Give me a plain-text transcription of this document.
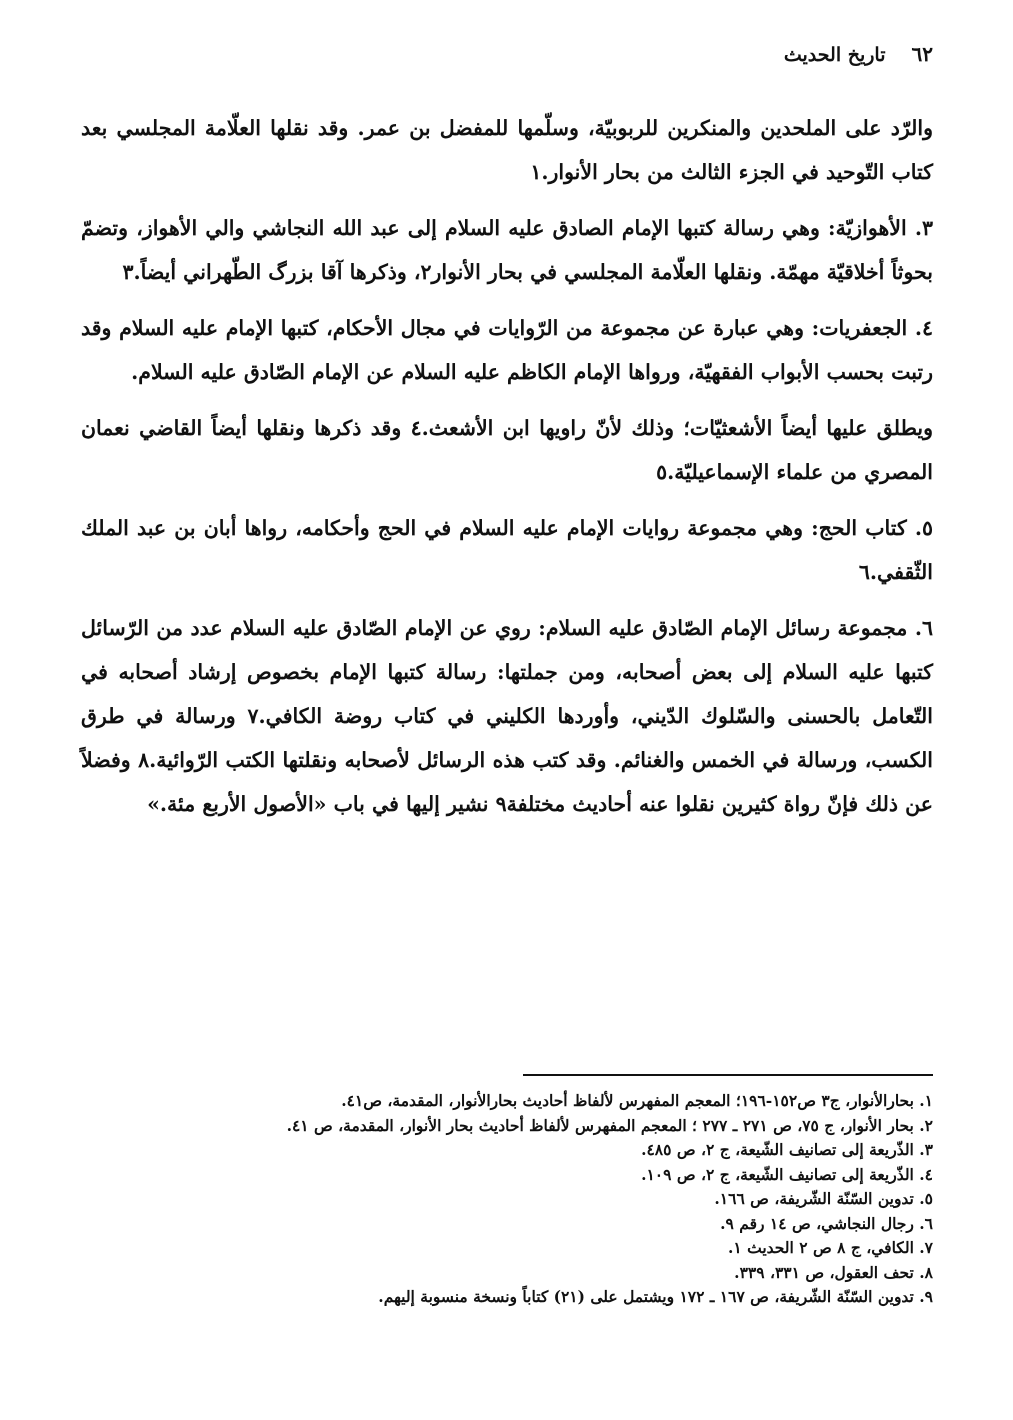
٦٢
تاريخ الحديث

والرّد على الملحدين والمنكرين للربوبيّة، وسلّمها للمفضل بن عمر. وقد نقلها العلّامة المجلسي بعد كتاب التّوحيد في الجزء الثالث من بحار الأنوار.١

٣. الأهوازيّة: وهي رسالة كتبها الإمام الصادق عليه السلام إلى عبد الله النجاشي والي الأهواز، وتضمّ بحوثاً أخلاقيّة مهمّة. ونقلها العلّامة المجلسي في بحار الأنوار٢، وذكرها آقا بزرگ الطّهراني أيضاً.٣

٤. الجعفريات: وهي عبارة عن مجموعة من الرّوايات في مجال الأحكام، كتبها الإمام عليه السلام وقد رتبت بحسب الأبواب الفقهيّة، ورواها الإمام الكاظم عليه السلام عن الإمام الصّادق عليه السلام.

ويطلق عليها أيضاً الأشعثيّات؛ وذلك لأنّ راويها ابن الأشعث.٤ وقد ذكرها ونقلها أيضاً القاضي نعمان المصري من علماء الإسماعيليّة.٥

٥. كتاب الحج: وهي مجموعة روايات الإمام عليه السلام في الحج وأحكامه، رواها أبان بن عبد الملك الثّقفي.٦

٦. مجموعة رسائل الإمام الصّادق عليه السلام: روي عن الإمام الصّادق عليه السلام عدد من الرّسائل كتبها عليه السلام إلى بعض أصحابه، ومن جملتها: رسالة كتبها الإمام بخصوص إرشاد أصحابه في التّعامل بالحسنى والسّلوك الدّيني، وأوردها الكليني في كتاب روضة الكافي.٧ ورسالة في طرق الكسب، ورسالة في الخمس والغنائم. وقد كتب هذه الرسائل لأصحابه ونقلتها الكتب الرّوائية.٨ وفضلاً عن ذلك فإنّ رواة كثيرين نقلوا عنه أحاديث مختلفة٩ نشير إليها في باب «الأصول الأربع مئة.»

١. بحارالأنوار، ج٣ ص١٥٢-١٩٦؛ المعجم المفهرس لألفاظ أحاديث بحارالأنوار، المقدمة، ص٤١.
٢. بحار الأنوار، ج ٧٥، ص ٢٧١ ـ ٢٧٧ ؛ المعجم المفهرس لألفاظ أحاديث بحار الأنوار، المقدمة، ص ٤١.
٣. الذّريعة إلى تصانيف الشّيعة، ج ٢، ص ٤٨٥.
٤. الذّريعة إلى تصانيف الشّيعة، ج ٢، ص ١٠٩.
٥. تدوين السّنّة الشّريفة، ص ١٦٦.
٦. رجال النجاشي، ص ١٤ رقم ٩.
٧. الكافي، ج ٨ ص ٢ الحديث ١.
٨. تحف العقول، ص ٣٣١، ٣٣٩.
٩. تدوين السّنّة الشّريفة، ص ١٦٧ ـ ١٧٢ ويشتمل على (٢١) كتاباً ونسخة منسوبة إليهم.
